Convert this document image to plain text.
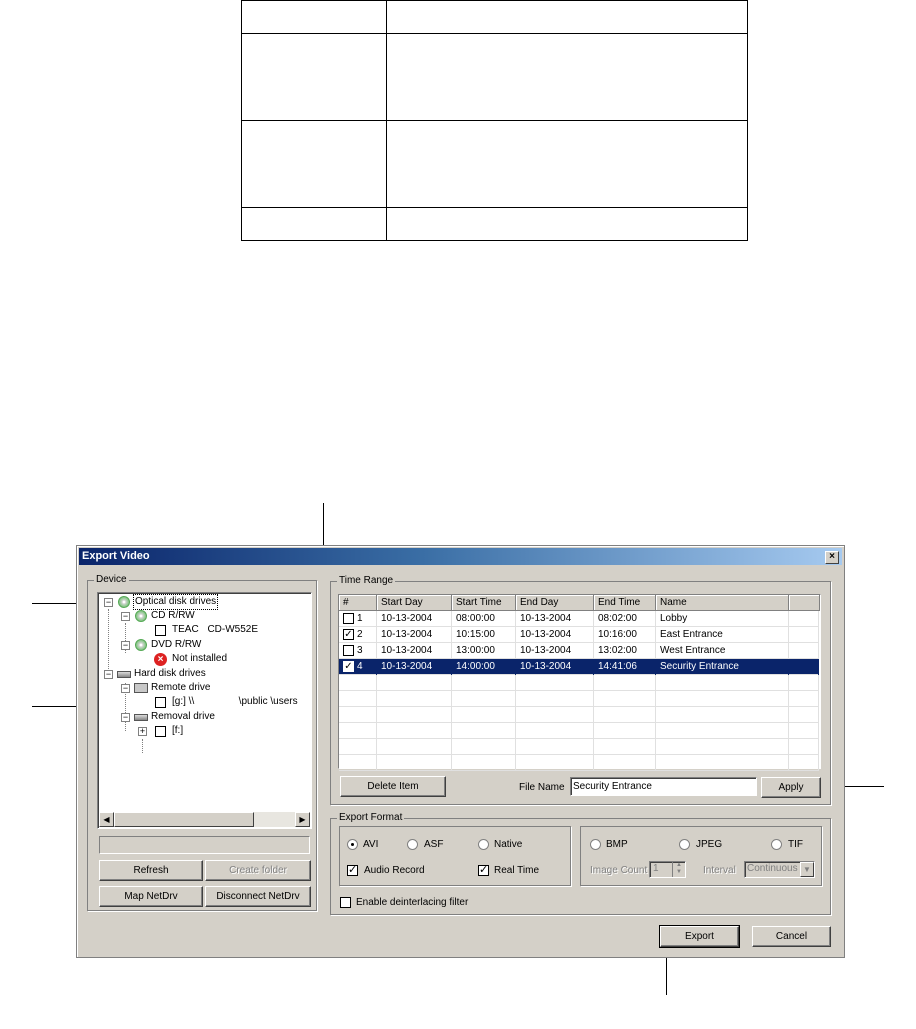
Export Video	×
Device
− Optical disk drives
− CD R/RW
TEAC CD-W552E
− DVD R/RW
× Not installed
− Hard disk drives
− Remote drive
[g:] \\                \public \users
− Removal drive
+	[f:]
◀	▶
Refresh	Create folder
Map NetDrv	Disconnect NetDrv
Time Range
#	Start Day	Start Time	End Day	End Time	Name
1	10-13-2004	08:00:00	10-13-2004	08:02:00	Lobby
✓ 2	10-13-2004	10:15:00	10-13-2004	10:16:00	East Entrance
3	10-13-2004	13:00:00	10-13-2004	13:02:00	West Entrance
✓ 4	10-13-2004	14:00:00	10-13-2004	14:41:06	Security Entrance
Delete Item	File Name Security Entrance	Apply
Export Format
AVI	ASF	Native
✓ Audio Record	✓ Real Time
BMP	JPEG	TIF
Image Count 1	▲
▼	Interval	Continuous ▼
Enable deinterlacing filter
Export	Cancel
